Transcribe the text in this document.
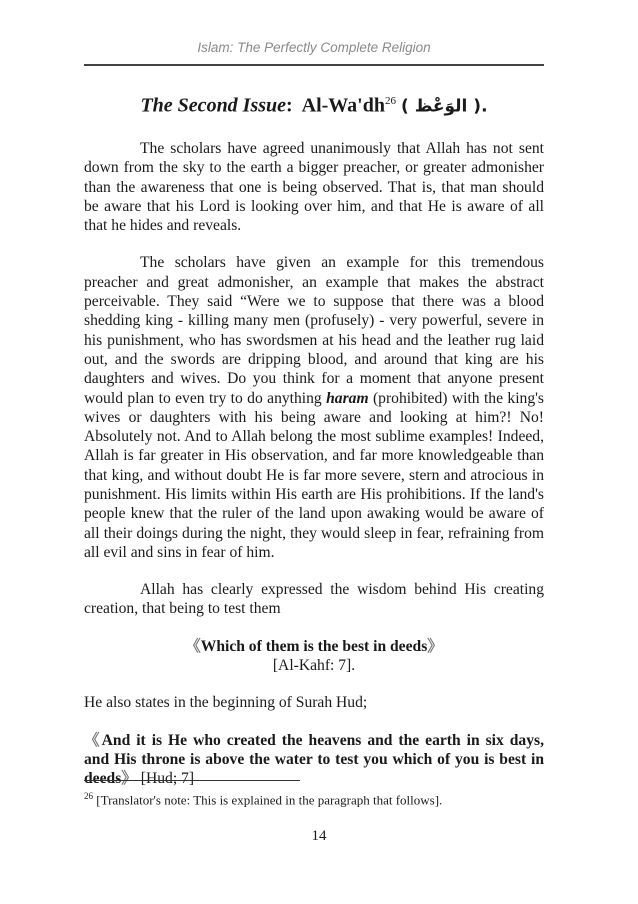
Islam: The Perfectly Complete Religion
The Second Issue: $Al-Wa'dh^{26}$ ( الوَعْظ ).

The scholars have agreed unanimously that Allah has not sent down from the sky to the earth a bigger preacher, or greater admonisher than the awareness that one is being observed. That is, that man should be aware that his Lord is looking over him, and that He is aware of all that he hides and reveals.

The scholars have given an example for this tremendous preacher and great admonisher, an example that makes the abstract perceivable. They said “Were we to suppose that there was a blood shedding king - killing many men (profusely) - very powerful, severe in his punishment, who has swordsmen at his head and the leather rug laid out, and the swords are dripping blood, and around that king are his daughters and wives. Do you think for a moment that anyone present would plan to even try to do anything haram (prohibited) with the king's wives or daughters with his being aware and looking at him?! No! Absolutely not. And to Allah belong the most sublime examples! Indeed, Allah is far greater in His observation, and far more knowledgeable than that king, and without doubt He is far more severe, stern and atrocious in punishment. His limits within His earth are His prohibitions. If the land's people knew that the ruler of the land upon awaking would be aware of all their doings during the night, they would sleep in fear, refraining from all evil and sins in fear of him.

Allah has clearly expressed the wisdom behind His creating creation, that being to test them

《Which of them is the best in deeds》
[Al-Kahf: 7].

He also states in the beginning of Surah Hud;

《And it is He who created the heavens and the earth in six days, and His throne is above the water to test you which of you is best in deeds》 [Hud; 7]

$^{26}$ [Translator's note: This is explained in the paragraph that follows].
14
